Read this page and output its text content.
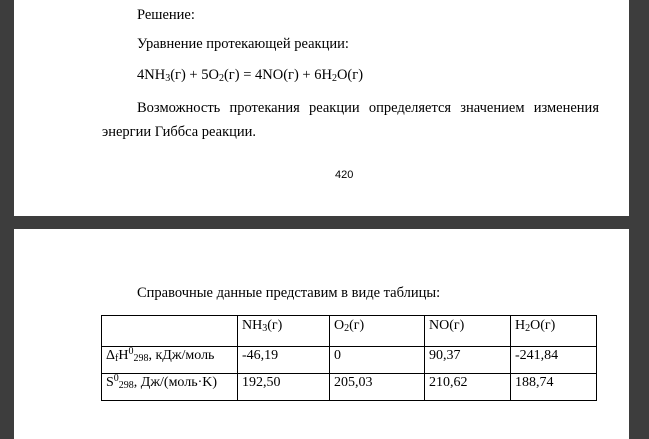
Решение:
Уравнение протекающей реакции:
$4NH_3(г) + 5O_2(г) = 4NO(г) + 6H_2O(г)$
Возможность протекания реакции определяется значением изменения
энергии Гиббса реакции.
420
Справочные данные представим в виде таблицы:
	$NH_3(г)$	$O_2(г)$	NO(г)	$H_2O(г)$
$\Delta_fH^0_{298}$, кДж/моль	-46,19	0	90,37	-241,84
$S^0_{298}$, Дж/(моль·K)	192,50	205,03	210,62	188,74
